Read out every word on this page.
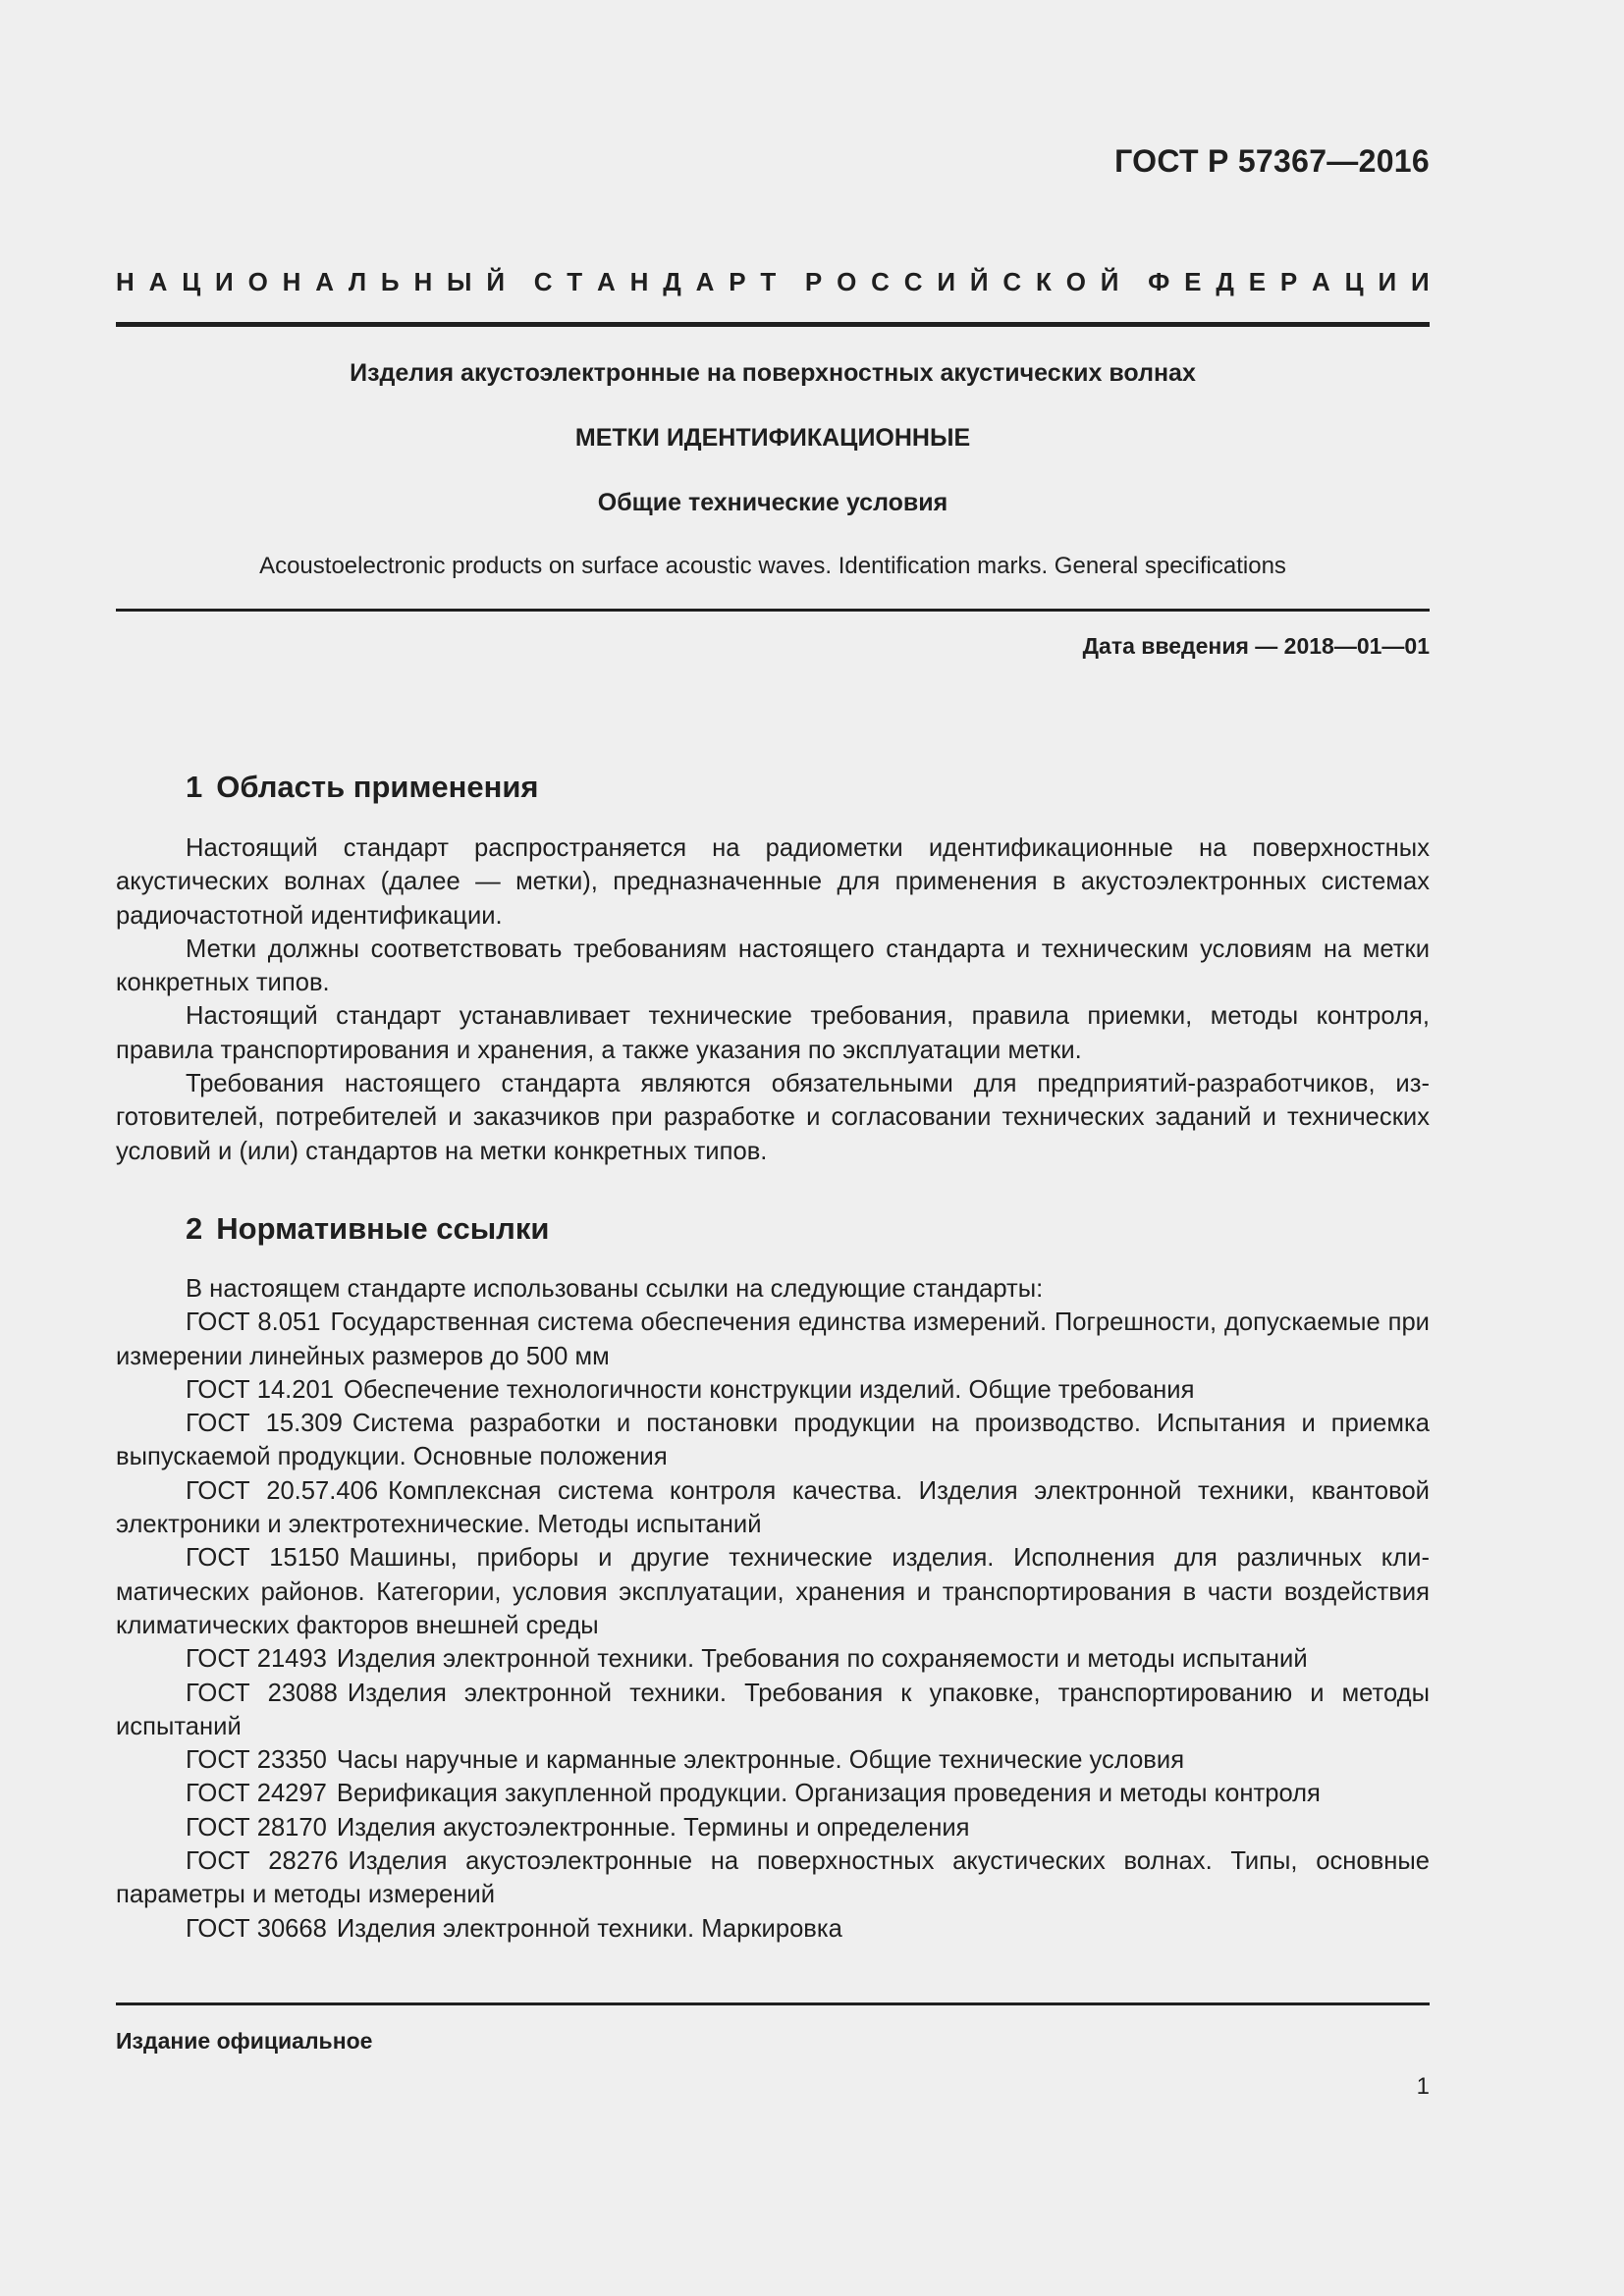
ГОСТ Р 57367—2016
Н А Ц И О Н А Л Ь Н Ы Й С Т А Н Д А Р Т Р О С С И Й С К О Й Ф Е Д Е Р А Ц И И
Изделия акустоэлектронные на поверхностных акустических волнах
МЕТКИ ИДЕНТИФИКАЦИОННЫЕ
Общие технические условия
Acoustoelectronic products on surface acoustic waves. Identification marks. General specifications
Дата введения — 2018—01—01
1 Область применения

Настоящий стандарт распространяется на радиометки идентификационные на поверхностных акустических волнах (далее — метки), предназначенные для применения в акустоэлектронных системах радиочастотной идентификации.

Метки должны соответствовать требованиям настоящего стандарта и техническим условиям на метки конкретных типов.

Настоящий стандарт устанавливает технические требования, правила приемки, методы контроля, правила транспортирования и хранения, а также указания по эксплуатации метки.

Требования настоящего стандарта являются обязательными для предприятий-разработчиков, изготовителей, потребителей и заказчиков при разработке и согласовании технических заданий и технических условий и (или) стандартов на метки конкретных типов.

2 Нормативные ссылки

В настоящем стандарте использованы ссылки на следующие стандарты:

ГОСТ 8.051 Государственная система обеспечения единства измерений. Погрешности, допускаемые при измерении линейных размеров до 500 мм

ГОСТ 14.201 Обеспечение технологичности конструкции изделий. Общие требования

ГОСТ 15.309 Система разработки и постановки продукции на производство. Испытания и приемка выпускаемой продукции. Основные положения

ГОСТ 20.57.406 Комплексная система контроля качества. Изделия электронной техники, квантовой электроники и электротехнические. Методы испытаний

ГОСТ 15150 Машины, приборы и другие технические изделия. Исполнения для различных климатических районов. Категории, условия эксплуатации, хранения и транспортирования в части воздействия климатических факторов внешней среды

ГОСТ 21493 Изделия электронной техники. Требования по сохраняемости и методы испытаний

ГОСТ 23088 Изделия электронной техники. Требования к упаковке, транспортированию и методы испытаний

ГОСТ 23350 Часы наручные и карманные электронные. Общие технические условия

ГОСТ 24297 Верификация закупленной продукции. Организация проведения и методы контроля

ГОСТ 28170 Изделия акустоэлектронные. Термины и определения

ГОСТ 28276 Изделия акустоэлектронные на поверхностных акустических волнах. Типы, основные параметры и методы измерений

ГОСТ 30668 Изделия электронной техники. Маркировка

Издание официальное
1
